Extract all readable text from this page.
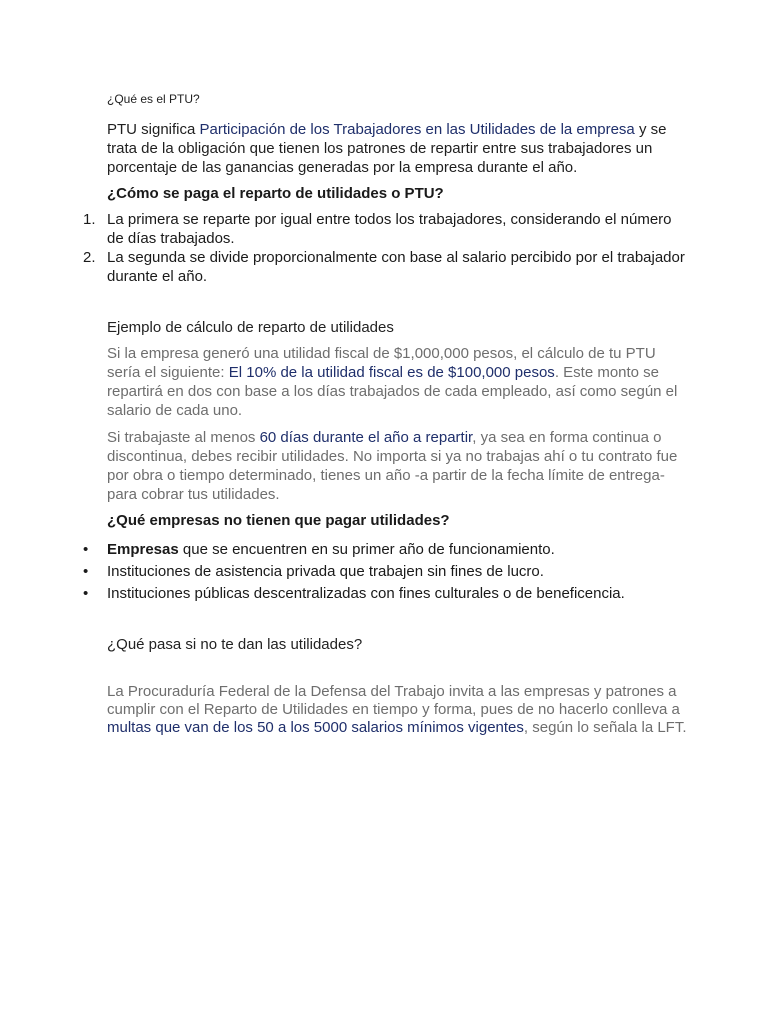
¿Qué es el PTU?

PTU significa Participación de los Trabajadores en las Utilidades de la empresa y se trata de la obligación que tienen los patrones de repartir entre sus trabajadores un porcentaje de las ganancias generadas por la empresa durante el año.

¿Cómo se paga el reparto de utilidades o PTU?
1. La primera se reparte por igual entre todos los trabajadores, considerando el número de días trabajados.
2. La segunda se divide proporcionalmente con base al salario percibido por el trabajador durante el año.
Ejemplo de cálculo de reparto de utilidades

Si la empresa generó una utilidad fiscal de $1,000,000 pesos, el cálculo de tu PTU sería el siguiente: El 10% de la utilidad fiscal es de $100,000 pesos. Este monto se repartirá en dos con base a los días trabajados de cada empleado, así como según el salario de cada uno.

Si trabajaste al menos 60 días durante el año a repartir, ya sea en forma continua o discontinua, debes recibir utilidades. No importa si ya no trabajas ahí o tu contrato fue por obra o tiempo determinado, tienes un año -a partir de la fecha límite de entrega- para cobrar tus utilidades.

¿Qué empresas no tienen que pagar utilidades?
• Empresas que se encuentren en su primer año de funcionamiento.
• Instituciones de asistencia privada que trabajen sin fines de lucro.
• Instituciones públicas descentralizadas con fines culturales o de beneficencia.
¿Qué pasa si no te dan las utilidades?

La Procuraduría Federal de la Defensa del Trabajo invita a las empresas y patrones a cumplir con el Reparto de Utilidades en tiempo y forma, pues de no hacerlo conlleva a multas que van de los 50 a los 5000 salarios mínimos vigentes, según lo señala la LFT.
